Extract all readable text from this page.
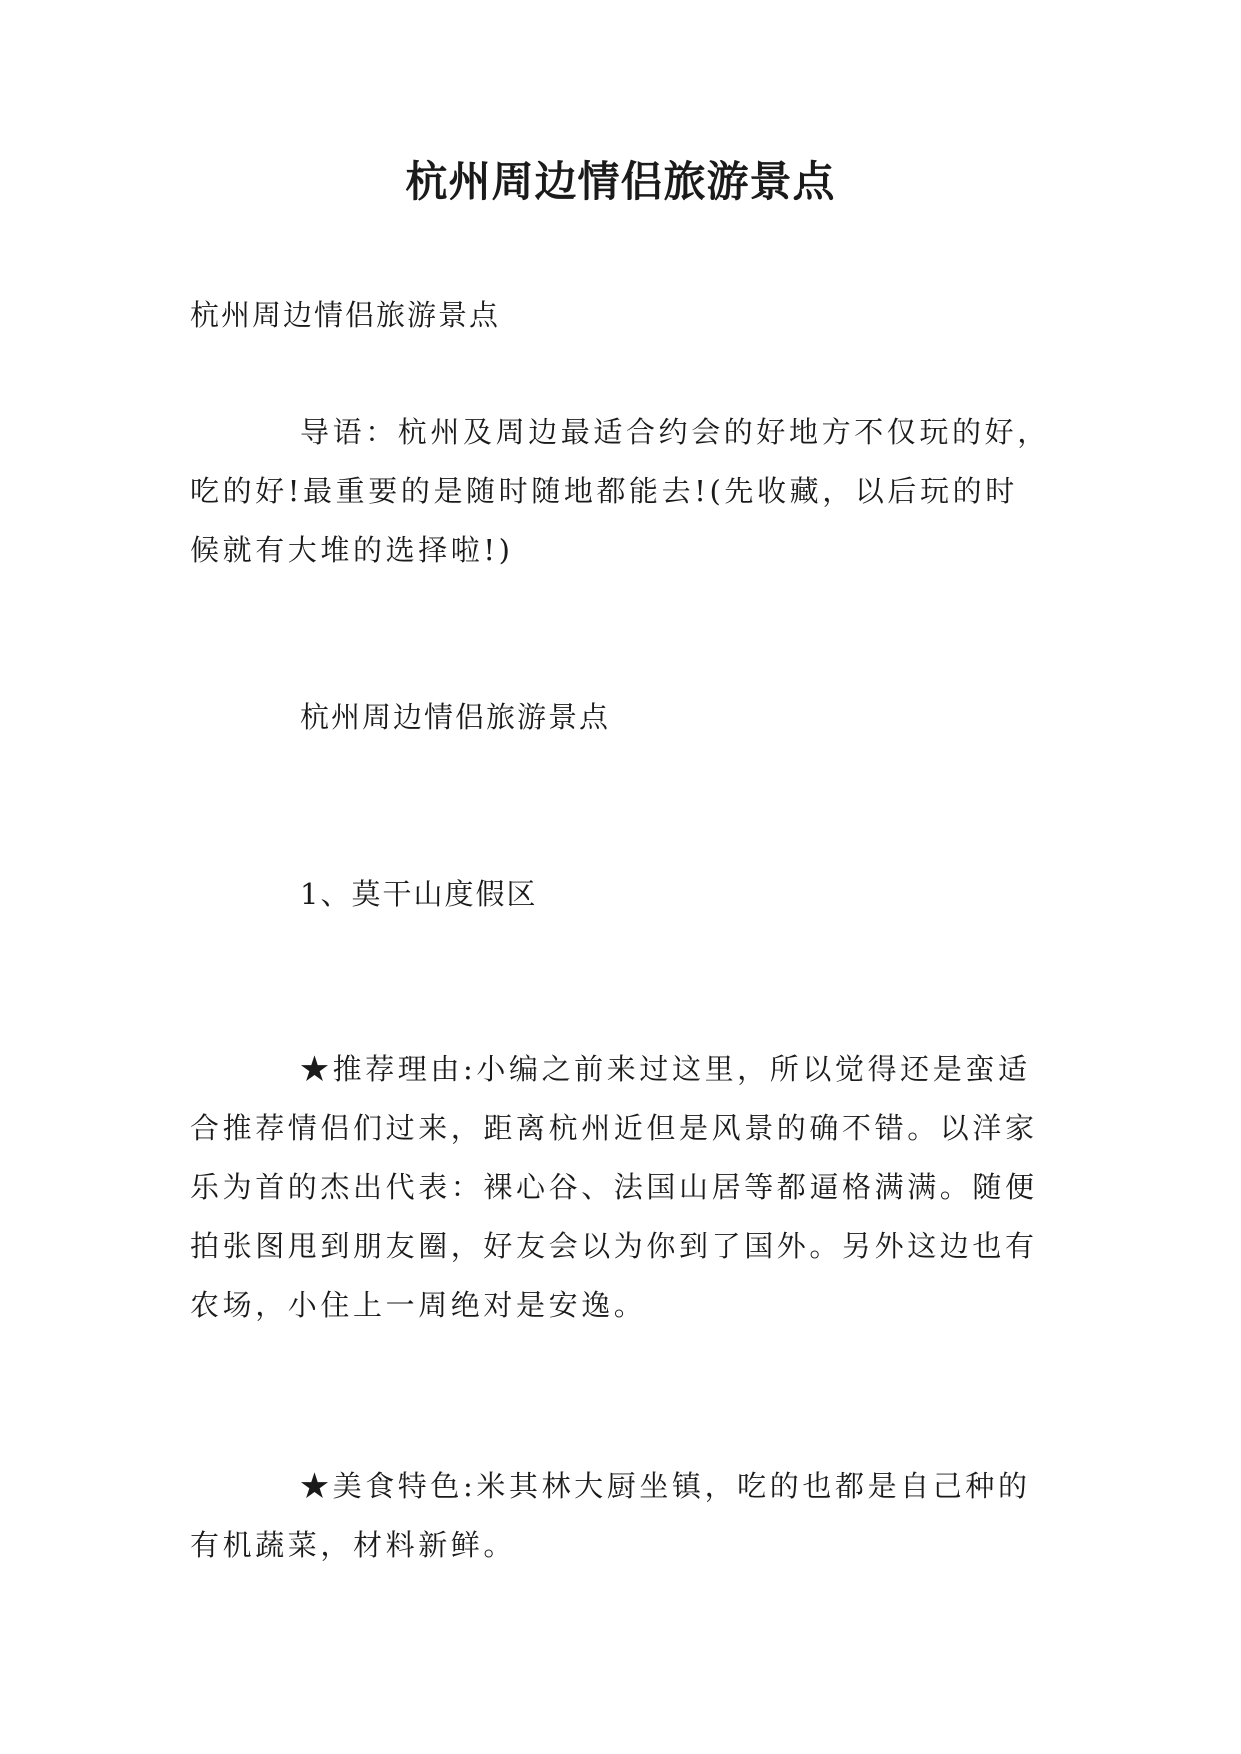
杭州周边情侣旅游景点

杭州周边情侣旅游景点

导语：杭州及周边最适合约会的好地方不仅玩的好，
吃的好!最重要的是随时随地都能去!(先收藏，以后玩的时
候就有大堆的选择啦!)

杭州周边情侣旅游景点

1、莫干山度假区

★推荐理由:小编之前来过这里，所以觉得还是蛮适
合推荐情侣们过来，距离杭州近但是风景的确不错。以洋家
乐为首的杰出代表：裸心谷、法国山居等都逼格满满。随便
拍张图甩到朋友圈，好友会以为你到了国外。另外这边也有
农场，小住上一周绝对是安逸。
★美食特色:米其林大厨坐镇，吃的也都是自己种的
有机蔬菜，材料新鲜。
